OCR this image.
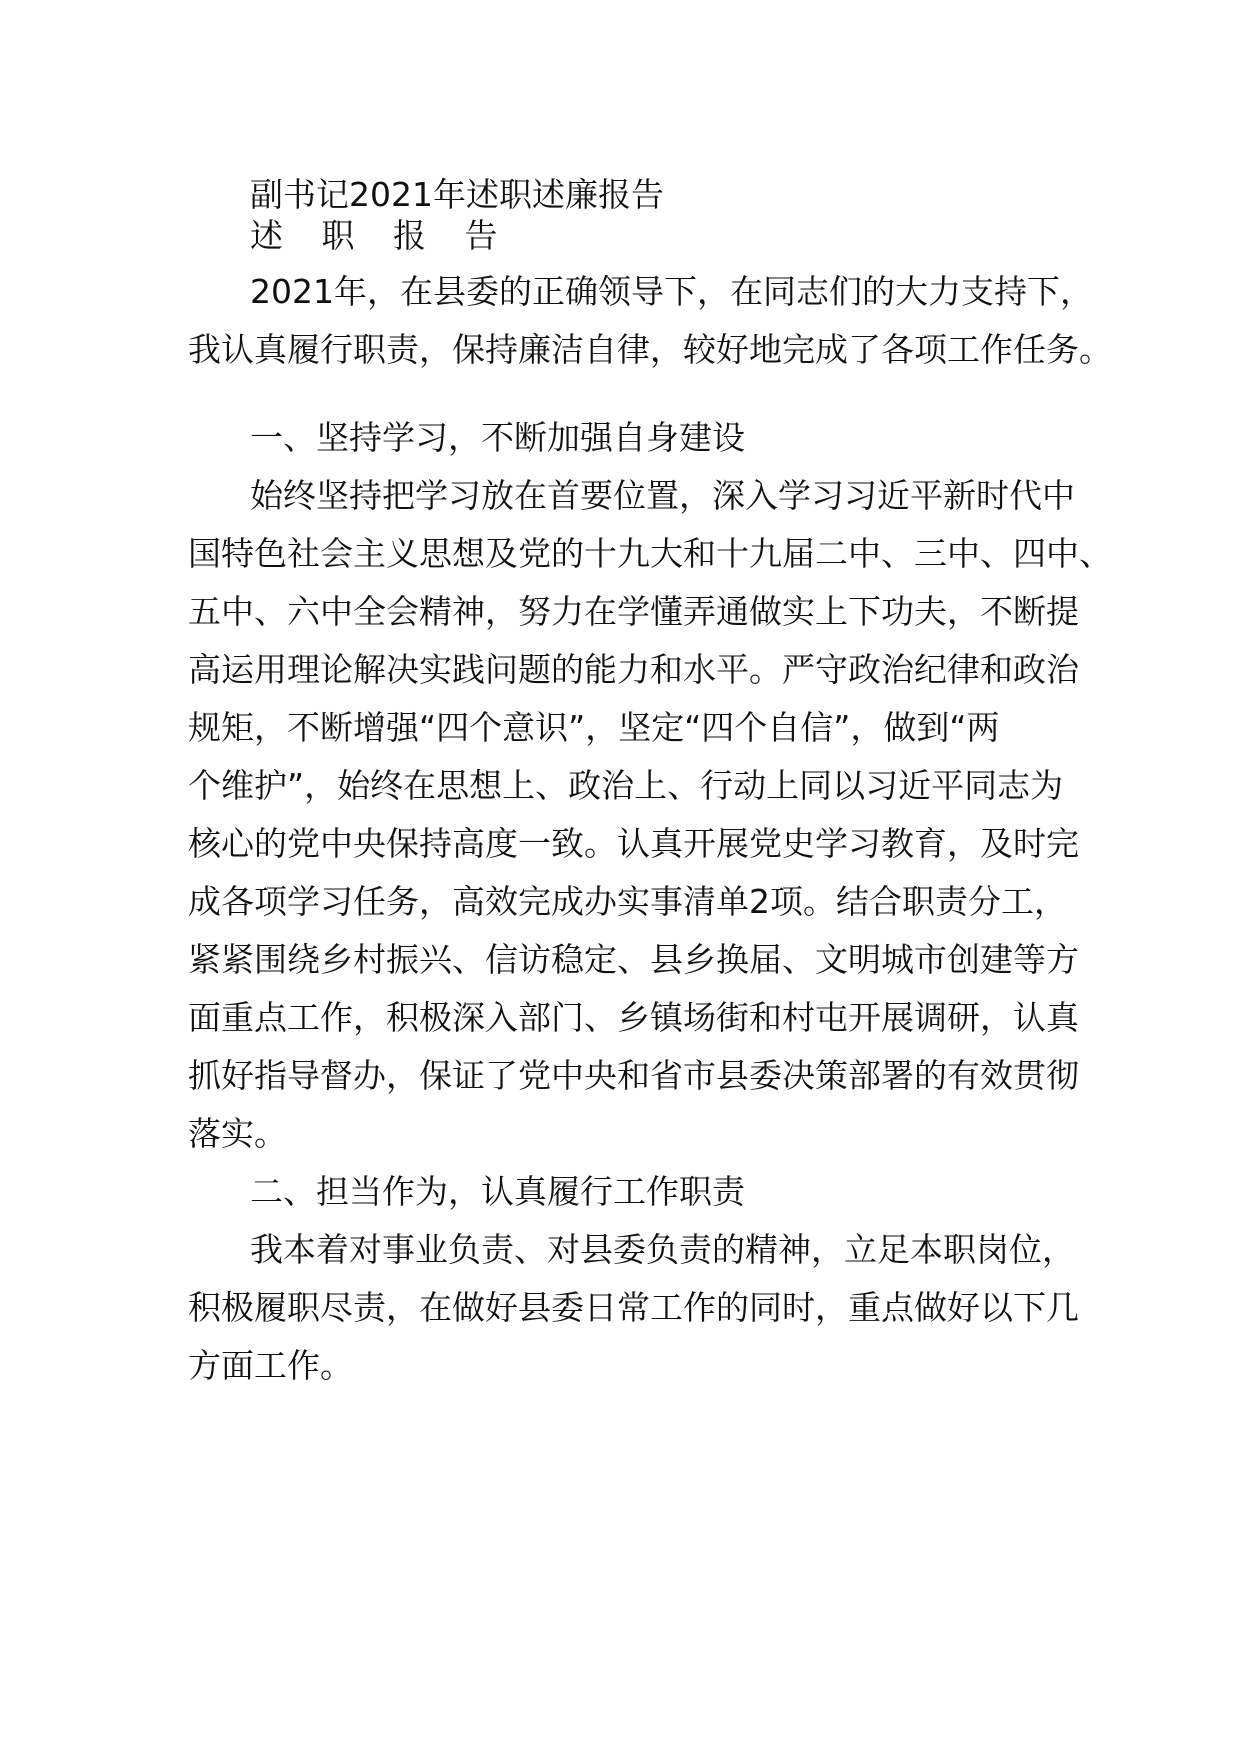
副书记2021年述职述廉报告
述 职 报 告
2021年，在县委的正确领导下，在同志们的大力支持下，
我认真履行职责，保持廉洁自律，较好地完成了各项工作任务。
一、坚持学习，不断加强自身建设
始终坚持把学习放在首要位置，深入学习习近平新时代中
国特色社会主义思想及党的十九大和十九届二中、三中、四中、
五中、六中全会精神，努力在学懂弄通做实上下功夫，不断提
高运用理论解决实践问题的能力和水平。严守政治纪律和政治
规矩，不断增强“四个意识”，坚定“四个自信”，做到“两
个维护”，始终在思想上、政治上、行动上同以习近平同志为
核心的党中央保持高度一致。认真开展党史学习教育，及时完
成各项学习任务，高效完成办实事清单2项。结合职责分工，
紧紧围绕乡村振兴、信访稳定、县乡换届、文明城市创建等方
面重点工作，积极深入部门、乡镇场街和村屯开展调研，认真
抓好指导督办，保证了党中央和省市县委决策部署的有效贯彻
落实。
二、担当作为，认真履行工作职责
我本着对事业负责、对县委负责的精神，立足本职岗位，
积极履职尽责，在做好县委日常工作的同时，重点做好以下几
方面工作。
